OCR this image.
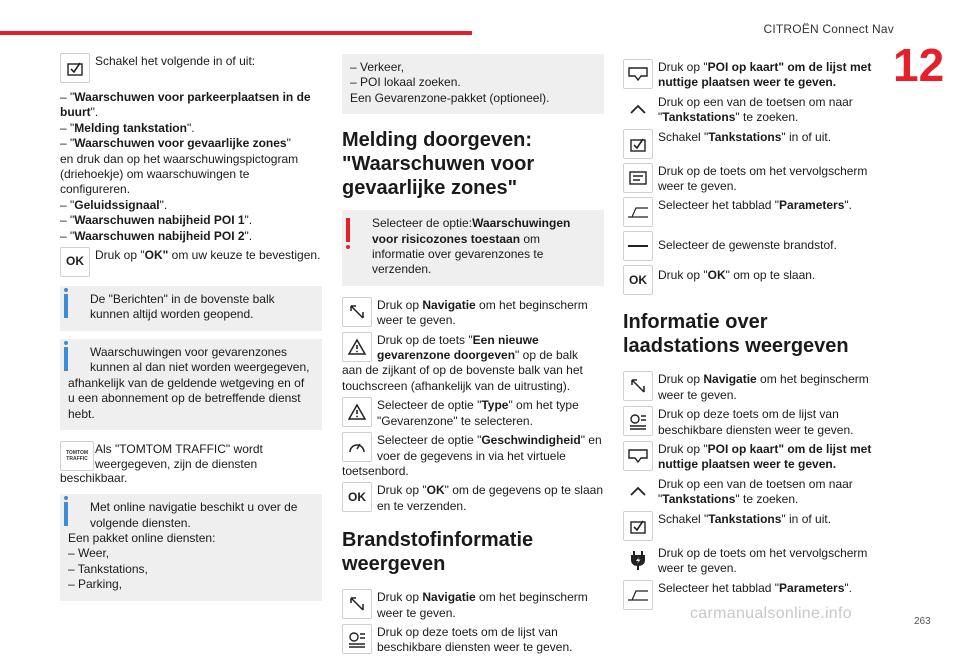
CITROËN Connect Nav
12
263
carmanualsonline.info
Schakel het volgende in of uit:
– "Waarschuwen voor parkeerplaatsen in de buurt".
– "Melding tankstation".
– "Waarschuwen voor gevaarlijke zones"
en druk dan op het waarschuwingspictogram (driehoekje) om waarschuwingen te configureren.
– "Geluidssignaal".
– "Waarschuwen nabijheid POI 1".
– "Waarschuwen nabijheid POI 2".
OK Druk op "OK" om uw keuze te bevestigen.
De "Berichten" in de bovenste balk kunnen altijd worden geopend.
Waarschuwingen voor gevarenzones kunnen al dan niet worden weergegeven,
afhankelijk van de geldende wetgeving en of u een abonnement op de betreffende dienst hebt.
TOMTOM TRAFFIC
Als "TOMTOM TRAFFIC" wordt weergegeven, zijn de diensten
beschikbaar.
Met online navigatie beschikt u over de volgende diensten.
Een pakket online diensten:
– Weer,
– Tankstations,
– Parking,
– Verkeer,
– POI lokaal zoeken.
Een Gevarenzone-pakket (optioneel).
Melding doorgeven: "Waarschuwen voor gevaarlijke zones"
Selecteer de optie:Waarschuwingen voor risicozones toestaan om informatie over gevarenzones te verzenden.
Druk op Navigatie om het beginscherm weer te geven.
Druk op de toets "Een nieuwe gevarenzone doorgeven" op de balk
aan de zijkant of op de bovenste balk van het touchscreen (afhankelijk van de uitrusting).
Selecteer de optie "Type" om het type "Gevarenzone" te selecteren.
Selecteer de optie "Geschwindigheid" en voer de gegevens in via het virtuele
toetsenbord.
OK Druk op "OK" om de gegevens op te slaan en te verzenden.
Brandstofinformatie weergeven
Druk op Navigatie om het beginscherm weer te geven.
Druk op deze toets om de lijst van beschikbare diensten weer te geven.
Druk op "POI op kaart" om de lijst met nuttige plaatsen weer te geven.
Druk op een van de toetsen om naar "Tankstations" te zoeken.
Schakel "Tankstations" in of uit.
Druk op de toets om het vervolgscherm weer te geven.
Selecteer het tabblad "Parameters".
Selecteer de gewenste brandstof.
OK Druk op "OK" om op te slaan.
Informatie over laadstations weergeven
Druk op Navigatie om het beginscherm weer te geven.
Druk op deze toets om de lijst van beschikbare diensten weer te geven.
Druk op "POI op kaart" om de lijst met nuttige plaatsen weer te geven.
Druk op een van de toetsen om naar "Tankstations" te zoeken.
Schakel "Tankstations" in of uit.
Druk op de toets om het vervolgscherm weer te geven.
Selecteer het tabblad "Parameters".
